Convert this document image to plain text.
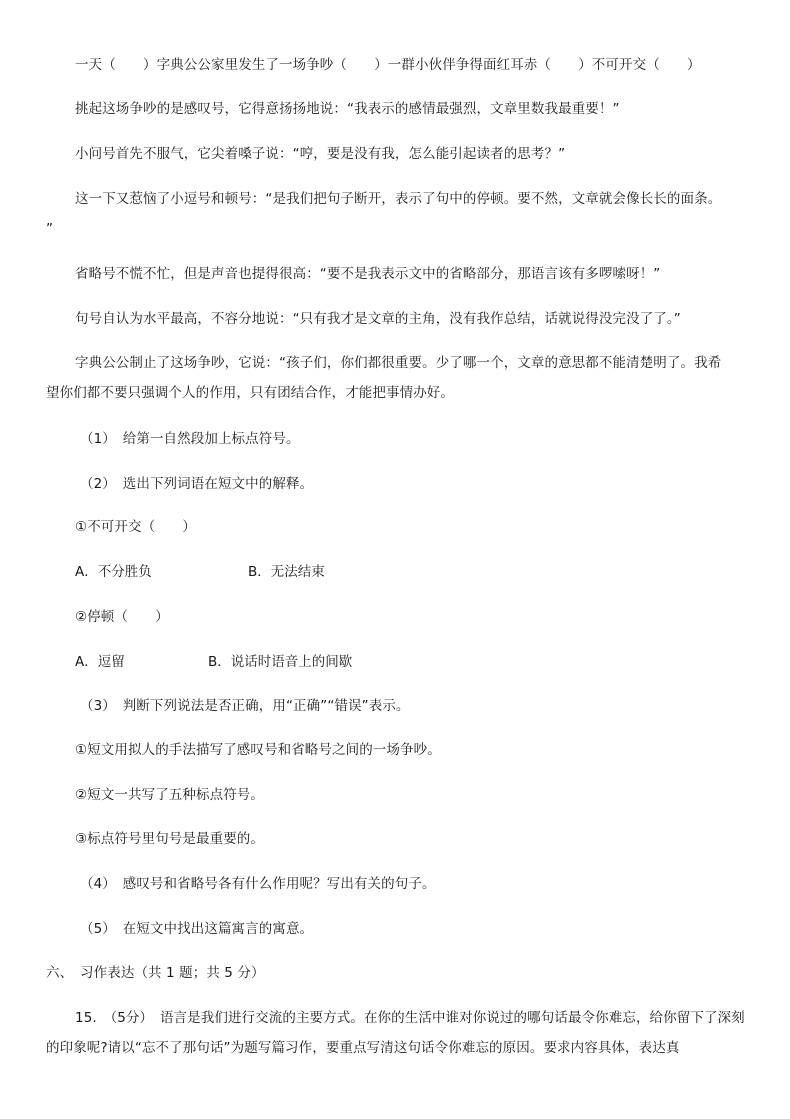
一天（　　）字典公公家里发生了一场争吵（　　）一群小伙伴争得面红耳赤（　　）不可开交（　　）
挑起这场争吵的是感叹号，它得意扬扬地说：“我表示的感情最强烈，文章里数我最重要！”
小问号首先不服气，它尖着嗓子说：“哼，要是没有我，怎么能引起读者的思考？”
这一下又惹恼了小逗号和顿号：“是我们把句子断开，表示了句中的停顿。要不然，文章就会像长长的面条。
”
省略号不慌不忙，但是声音也提得很高：“要不是我表示文中的省略部分，那语言该有多啰嗦呀！”
句号自认为水平最高，不容分地说：“只有我才是文章的主角，没有我作总结，话就说得没完没了了。”
字典公公制止了这场争吵，它说：“孩子们，你们都很重要。少了哪一个，文章的意思都不能清楚明了。我希望你们都不要只强调个人的作用，只有团结合作，才能把事情办好。
（1）　给第一自然段加上标点符号。
（2）　选出下列词语在短文中的解释。
①不可开交（　　）
A．不分胜负	B．无法结束
②停顿（　　）
A．逗留	B．说话时语音上的间歇
（3）　判断下列说法是否正确，用“正确”“错误”表示。
①短文用拟人的手法描写了感叹号和省略号之间的一场争吵。
②短文一共写了五种标点符号。
③标点符号里句号是最重要的。
（4）　感叹号和省略号各有什么作用呢？写出有关的句子。
（5）　在短文中找出这篇寓言的寓意。
六、　习作表达（共 1 题；共 5 分）
15.　（5分）　语言是我们进行交流的主要方式。在你的生活中谁对你说过的哪句话最令你难忘，给你留下了深刻的印象呢?请以“忘不了那句话”为题写篇习作，要重点写清这句话令你难忘的原因。要求内容具体，表达真
